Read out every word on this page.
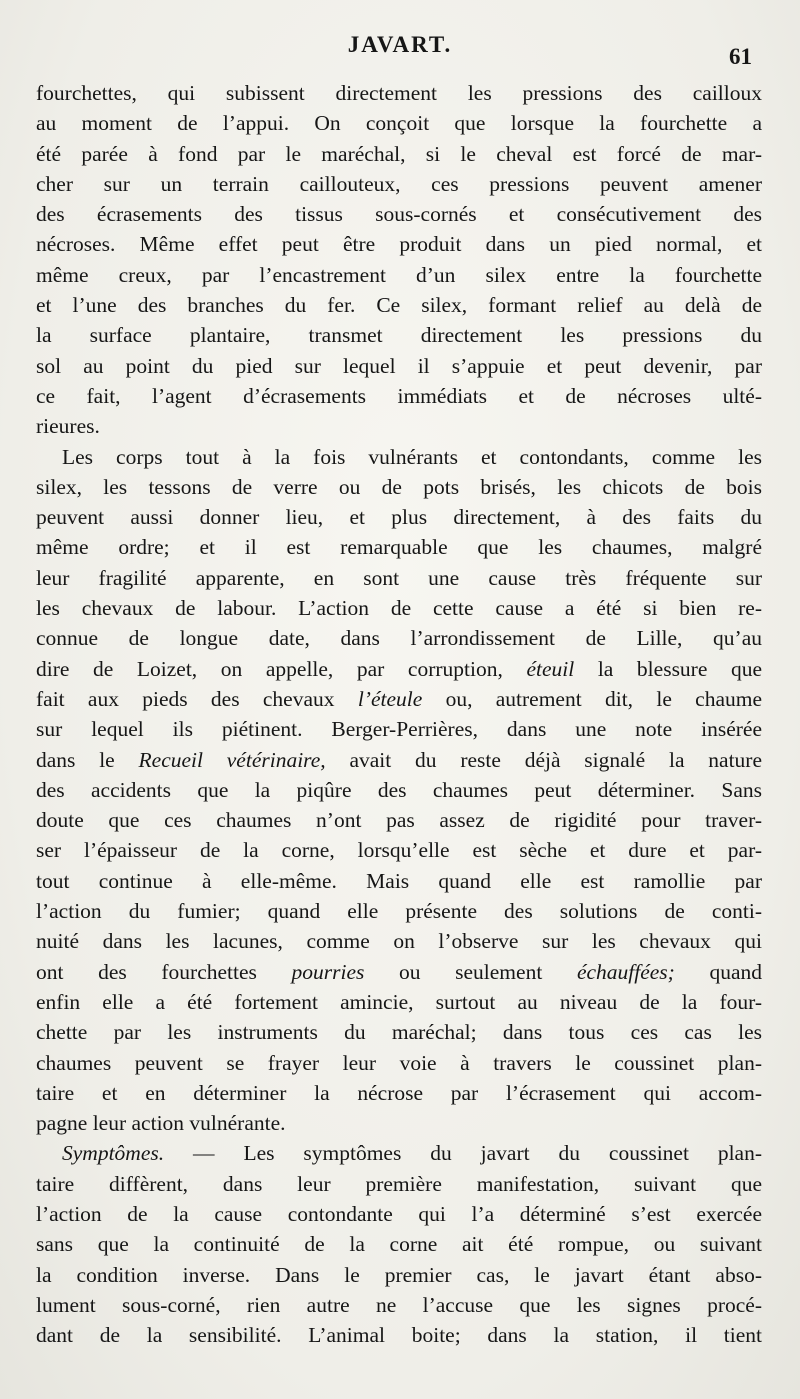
JAVART.	61
fourchettes, qui subissent directement les pressions des cailloux
au moment de l’appui. On conçoit que lorsque la fourchette a
été parée à fond par le maréchal, si le cheval est forcé de mar-
cher sur un terrain caillouteux, ces pressions peuvent amener
des écrasements des tissus sous-cornés et consécutivement des
nécroses. Même effet peut être produit dans un pied normal, et
même creux, par l’encastrement d’un silex entre la fourchette
et l’une des branches du fer. Ce silex, formant relief au delà de
la surface plantaire, transmet directement les pressions du
sol au point du pied sur lequel il s’appuie et peut devenir, par
ce fait, l’agent d’écrasements immédiats et de nécroses ulté-
rieures.
Les corps tout à la fois vulnérants et contondants, comme les
silex, les tessons de verre ou de pots brisés, les chicots de bois
peuvent aussi donner lieu, et plus directement, à des faits du
même ordre; et il est remarquable que les chaumes, malgré
leur fragilité apparente, en sont une cause très fréquente sur
les chevaux de labour. L’action de cette cause a été si bien re-
connue de longue date, dans l’arrondissement de Lille, qu’au
dire de Loizet, on appelle, par corruption, éteuil la blessure que
fait aux pieds des chevaux l’éteule ou, autrement dit, le chaume
sur lequel ils piétinent. Berger-Perrières, dans une note insérée
dans le Recueil vétérinaire, avait du reste déjà signalé la nature
des accidents que la piqûre des chaumes peut déterminer. Sans
doute que ces chaumes n’ont pas assez de rigidité pour traver-
ser l’épaisseur de la corne, lorsqu’elle est sèche et dure et par-
tout continue à elle-même. Mais quand elle est ramollie par
l’action du fumier; quand elle présente des solutions de conti-
nuité dans les lacunes, comme on l’observe sur les chevaux qui
ont des fourchettes pourries ou seulement échauffées; quand
enfin elle a été fortement amincie, surtout au niveau de la four-
chette par les instruments du maréchal; dans tous ces cas les
chaumes peuvent se frayer leur voie à travers le coussinet plan-
taire et en déterminer la nécrose par l’écrasement qui accom-
pagne leur action vulnérante.
Symptômes. — Les symptômes du javart du coussinet plan-
taire diffèrent, dans leur première manifestation, suivant que
l’action de la cause contondante qui l’a déterminé s’est exercée
sans que la continuité de la corne ait été rompue, ou suivant
la condition inverse. Dans le premier cas, le javart étant abso-
lument sous-corné, rien autre ne l’accuse que les signes procé-
dant de la sensibilité. L’animal boite; dans la station, il tient
